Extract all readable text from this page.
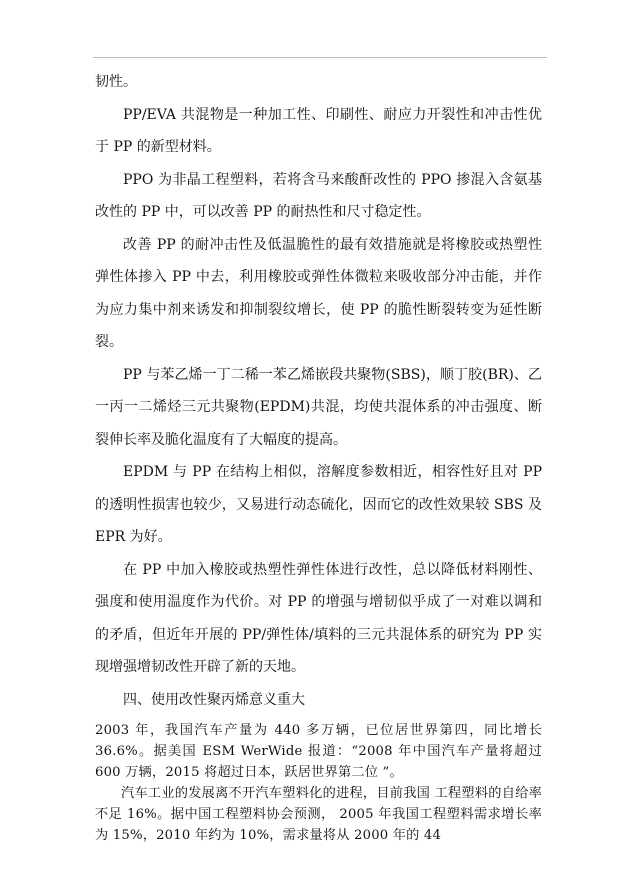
韧性。

PP/EVA 共混物是一种加工性、印刷性、耐应力开裂性和冲击性优于 PP 的新型材料。

PPO 为非晶工程塑料，若将含马来酸酐改性的 PPO 掺混入含氨基改性的 PP 中，可以改善 PP 的耐热性和尺寸稳定性。

改善 PP 的耐冲击性及低温脆性的最有效措施就是将橡胶或热塑性弹性体掺入 PP 中去，利用橡胶或弹性体微粒来吸收部分冲击能，并作为应力集中剂来诱发和抑制裂纹增长，使 PP 的脆性断裂转变为延性断裂。

PP 与苯乙烯一丁二稀一苯乙烯嵌段共聚物(SBS)，顺丁胶(BR)、乙一丙一二烯烃三元共聚物(EPDM)共混，均使共混体系的冲击强度、断裂伸长率及脆化温度有了大幅度的提高。

EPDM 与 PP 在结构上相似，溶解度参数相近，相容性好且对 PP 的透明性损害也较少，又易进行动态硫化，因而它的改性效果较 SBS 及 EPR 为好。

在 PP 中加入橡胶或热塑性弹性体进行改性，总以降低材料刚性、强度和使用温度作为代价。对 PP 的增强与增韧似乎成了一对难以调和的矛盾，但近年开展的 PP/弹性体/填料的三元共混体系的研究为 PP 实现增强增韧改性开辟了新的天地。

四、使用改性聚丙烯意义重大

2003 年，我国汽车产量为 440 多万辆，已位居世界第四，同比增长 36.6%。据美国 ESM WerWide 报道：“2008 年中国汽车产量将超过 600 万辆，2015 将超过日本，跃居世界第二位 ”。

汽车工业的发展离不开汽车塑料化的进程，目前我国 工程塑料的自给率不足 16%。据中国工程塑料协会预测， 2005 年我国工程塑料需求增长率为 15%，2010 年约为 10%，需求量将从 2000 年的 44
